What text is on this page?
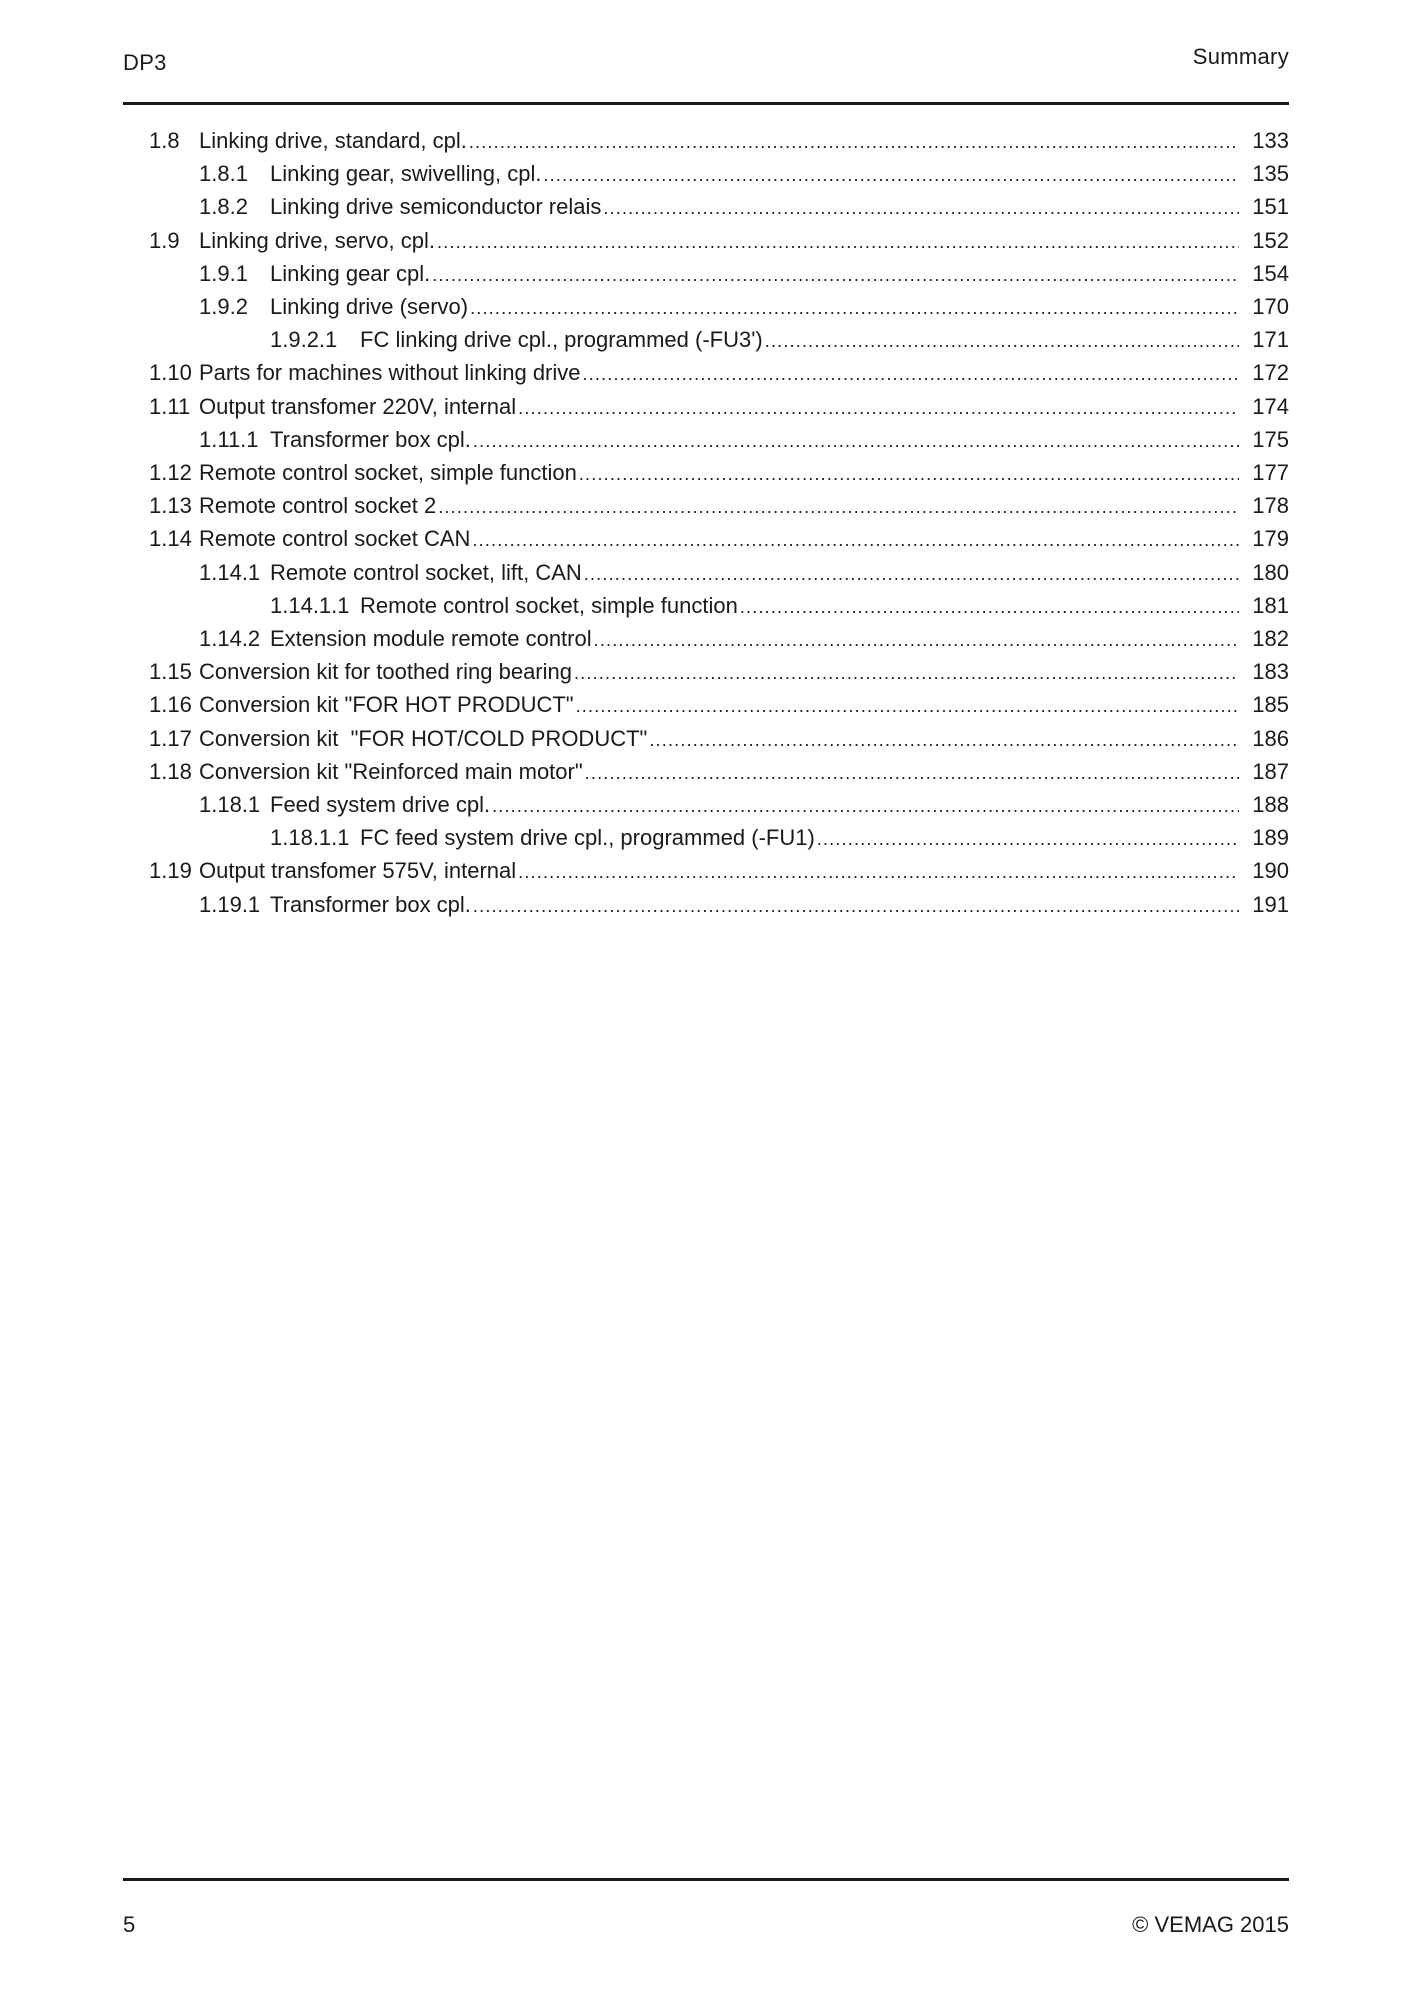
DP3	Summary
1.8 Linking drive, standard, cpl. .....	133
1.8.1	Linking gear, swivelling, cpl. .....	135
1.8.2	Linking drive semiconductor relais .....	151
1.9 Linking drive, servo, cpl. .....	152
1.9.1	Linking gear cpl. .....	154
1.9.2	Linking drive (servo) .....	170
1.9.2.1	FC linking drive cpl., programmed (-FU3') .....	171
1.10 Parts for machines without linking drive .....	172
1.11 Output transfomer 220V, internal .....	174
1.11.1 Transformer box cpl. .....	175
1.12 Remote control socket, simple function .....	177
1.13 Remote control socket 2 .....	178
1.14 Remote control socket CAN .....	179
1.14.1 Remote control socket, lift, CAN .....	180
1.14.1.1 Remote control socket, simple function .....	181
1.14.2 Extension module remote control .....	182
1.15 Conversion kit for toothed ring bearing .....	183
1.16 Conversion kit "FOR HOT PRODUCT" .....	185
1.17 Conversion kit  "FOR HOT/COLD PRODUCT" .....	186
1.18 Conversion kit "Reinforced main motor" .....	187
1.18.1 Feed system drive cpl. .....	188
1.18.1.1 FC feed system drive cpl., programmed (-FU1) .....	189
1.19 Output transfomer 575V, internal .....	190
1.19.1 Transformer box cpl. .....	191
5	© VEMAG 2015
